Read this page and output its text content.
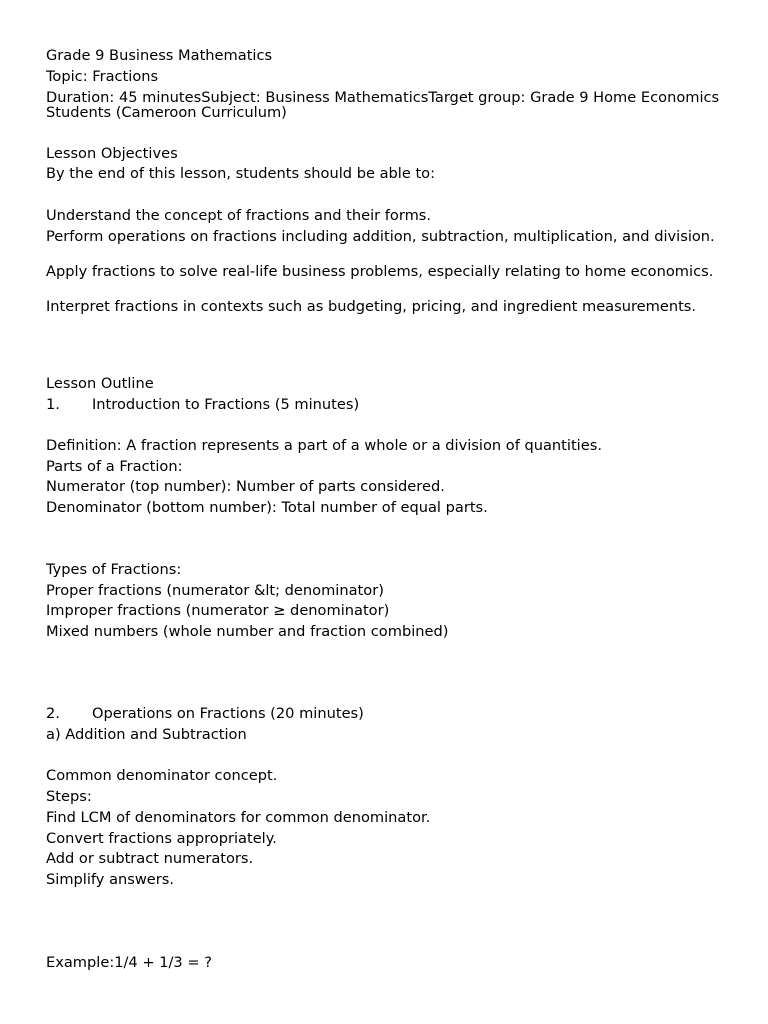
Grade 9 Business Mathematics
Topic: Fractions
Duration: 45 minutesSubject: Business MathematicsTarget group: Grade 9 Home Economics Students (Cameroon Curriculum)
Lesson Objectives
By the end of this lesson, students should be able to:
Understand the concept of fractions and their forms.
Perform operations on fractions including addition, subtraction, multiplication, and division.
Apply fractions to solve real-life business problems, especially relating to home economics.
Interpret fractions in contexts such as budgeting, pricing, and ingredient measurements.
Lesson Outline
1. Introduction to Fractions (5 minutes)
Definition: A fraction represents a part of a whole or a division of quantities.
Parts of a Fraction:
Numerator (top number): Number of parts considered.
Denominator (bottom number): Total number of equal parts.
Types of Fractions:
Proper fractions (numerator &lt; denominator)
Improper fractions (numerator ≥ denominator)
Mixed numbers (whole number and fraction combined)
2. Operations on Fractions (20 minutes)
a) Addition and Subtraction
Common denominator concept.
Steps:
Find LCM of denominators for common denominator.
Convert fractions appropriately.
Add or subtract numerators.
Simplify answers.
Example:1/4 + 1/3 = ?
